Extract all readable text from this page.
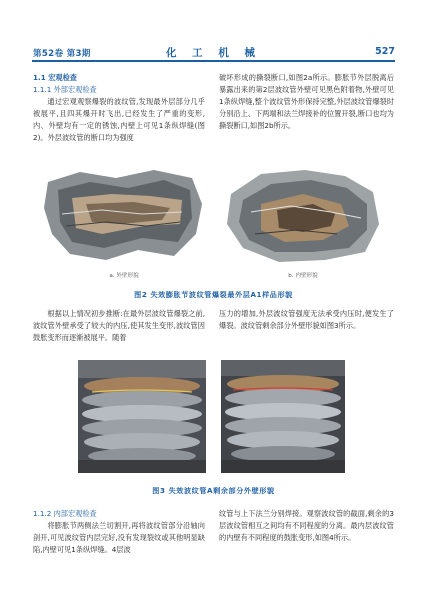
第52卷 第3期	化 工 机 械	527

1.1 宏观检查

1.1.1 外部宏观检查

通过宏观观察爆裂的波纹管,发现最外层部分几乎被展平,且四其爆开时飞出,已经发生了严重的变形,内、外壁均有一定的锈蚀,内壁上可见1条纵焊缝(图2)。外层波纹管的断口均为强度

破坏形成的撕裂断口,如图2a所示。膨胀节外层脱离后暴露出来的第2层波纹管外壁可见黑色附着物,外壁可见1条纵焊缝,整个波纹管外形保持完整,外层波纹管爆裂时分别沿上、下两端和法兰焊接补的位置开裂,断口也均为撕裂断口,如图2b所示。

a. 外壁形貌	b. 内壁形貌
图2 失效膨胀节波纹管爆裂最外层A1样品形貌

根据以上情况初步推断:在最外层波纹管爆裂之前,波纹管外壁承受了较大的内压,使其发生变形,波纹管因鼓胀变形而逐渐被展平。随着

压力的增加,外层波纹管强度无法承受内压时,便发生了爆裂。波纹管剩余部分外壁形貌如图3所示。

图3 失效波纹管A剩余部分外壁形貌

1.1.2 内部宏观检查

将膨胀节两侧法兰切割开,再将波纹管部分沿轴向剖开,可见波纹管内层完好,没有发现裂纹或其他明显缺陷,内壁可见1条纵焊缝。4层波

纹管与上下法兰分别焊接。观察波纹管的截面,剩余的3层波纹管相互之间均有不同程度的分离。最内层波纹管的内壁有不同程度的鼓胀变形,如图4所示。
